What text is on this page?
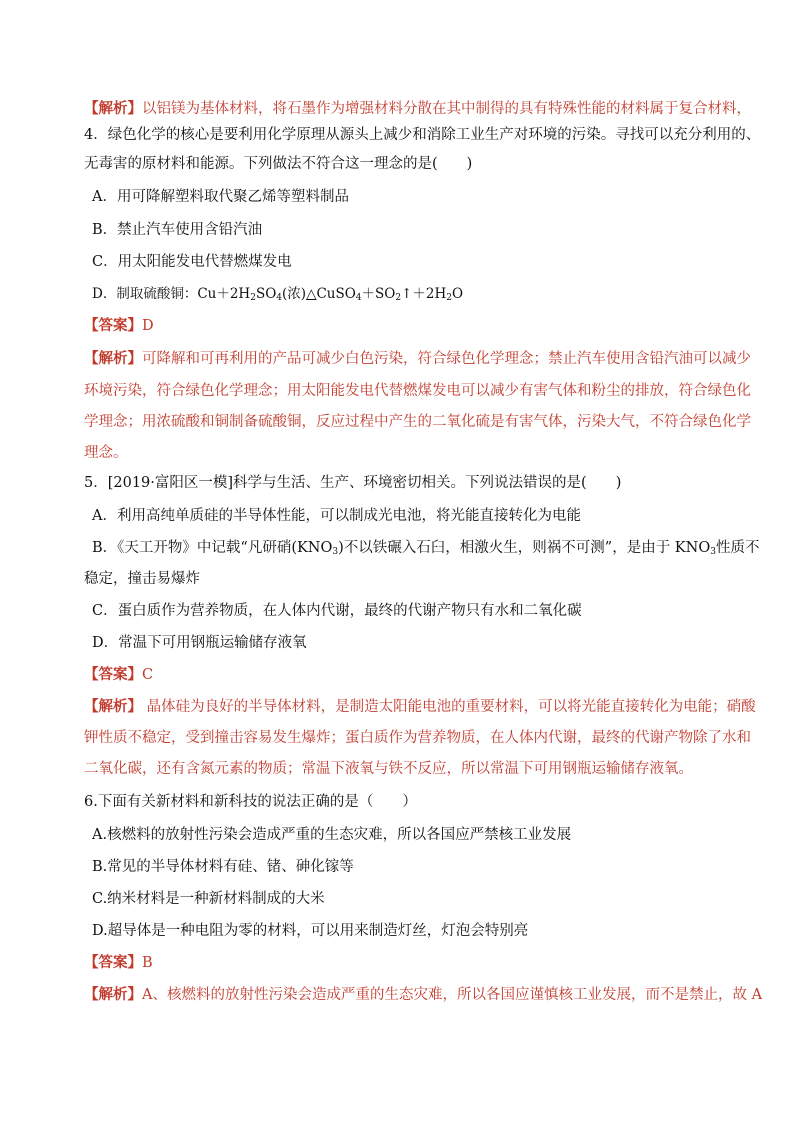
【解析】以铝镁为基体材料，将石墨作为增强材料分散在其中制得的具有特殊性能的材料属于复合材料，
4．绿色化学的核心是要利用化学原理从源头上减少和消除工业生产对环境的污染。寻找可以充分利用的、
无毒害的原材料和能源。下列做法不符合这一理念的是(　　)
A．用可降解塑料取代聚乙烯等塑料制品
B．禁止汽车使用含铅汽油
C．用太阳能发电代替燃煤发电
D．制取硫酸铜：$Cu+2H_2SO_4$(浓)$\triangle CuSO_4+SO_2↑+2H_2O$
【答案】D
【解析】可降解和可再利用的产品可减少白色污染，符合绿色化学理念；禁止汽车使用含铅汽油可以减少
环境污染，符合绿色化学理念；用太阳能发电代替燃煤发电可以减少有害气体和粉尘的排放，符合绿色化
学理念；用浓硫酸和铜制备硫酸铜，反应过程中产生的二氧化硫是有害气体，污染大气，不符合绿色化学
理念。
5．[2019·富阳区一模]科学与生活、生产、环境密切相关。下列说法错误的是(　　)
A．利用高纯单质硅的半导体性能，可以制成光电池，将光能直接转化为电能
B．《天工开物》中记载“凡研硝$(KNO_3)$不以铁碾入石臼，相激火生，则祸不可测”，是由于 $KNO_3$性质不
稳定，撞击易爆炸
C．蛋白质作为营养物质，在人体内代谢，最终的代谢产物只有水和二氧化碳
D．常温下可用钢瓶运输储存液氧
【答案】C
【解析】 晶体硅为良好的半导体材料，是制造太阳能电池的重要材料，可以将光能直接转化为电能；硝酸
钾性质不稳定，受到撞击容易发生爆炸；蛋白质作为营养物质，在人体内代谢，最终的代谢产物除了水和
二氧化碳，还有含氮元素的物质；常温下液氧与铁不反应，所以常温下可用钢瓶运输储存液氧。
6.下面有关新材料和新科技的说法正确的是（　　）
A.核燃料的放射性污染会造成严重的生态灾难，所以各国应严禁核工业发展
B.常见的半导体材料有硅、锗、砷化镓等
C.纳米材料是一种新材料制成的大米
D.超导体是一种电阻为零的材料，可以用来制造灯丝，灯泡会特别亮
【答案】B
【解析】A、核燃料的放射性污染会造成严重的生态灾难，所以各国应谨慎核工业发展，而不是禁止，故 A
